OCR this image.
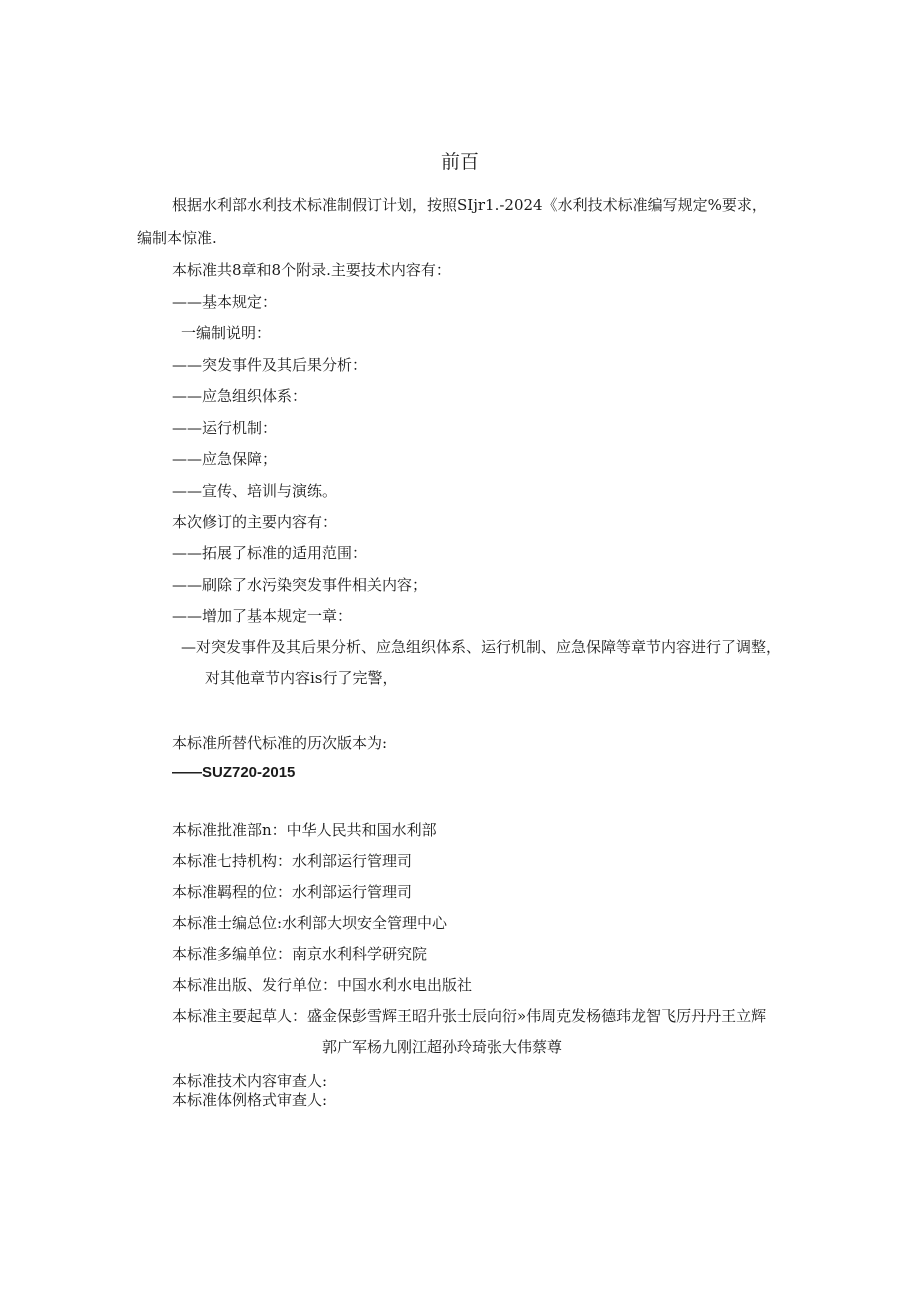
前百
根据水利部水利技术标准制假订计划，按照SIjr1.-2024《水利技术标准编写规定%要求，
编制本惊准.
本标准共8章和8个附录.主要技术内容有：
——基本规定：
一编制说明：
——突发事件及其后果分析：
——应急组织体系：
——运行机制：
——应急保障；
——宣传、培训与演练。
本次修订的主要内容有：
——拓展了标准的适用范围：
——刷除了水污染突发事件相关内容；
——增加了基本规定一章：
—对突发事件及其后果分析、应急组织体系、运行机制、应急保障等章节内容进行了调整，
对其他章节内容is行了完警，
本标准所替代标准的历次版本为:
——SUZ720-2015
本标准批准部n：中华人民共和国水利部
本标准七持机构：水利部运行管理司
本标准羁程的位：水利部运行管理司
本标准士编总位:水利部大坝安全管理中心
本标准多编单位：南京水利科学研究院
本标准出版、发行单位：中国水利水电出版社
本标准主要起草人：盛金保彭雪辉王昭升张士辰向衍»伟周克发杨德玮龙智飞厉丹丹王立辉
郭广军杨九刚江超孙玲琦张大伟蔡尊
本标准技术内容审查人:
本标准体例格式审查人:
